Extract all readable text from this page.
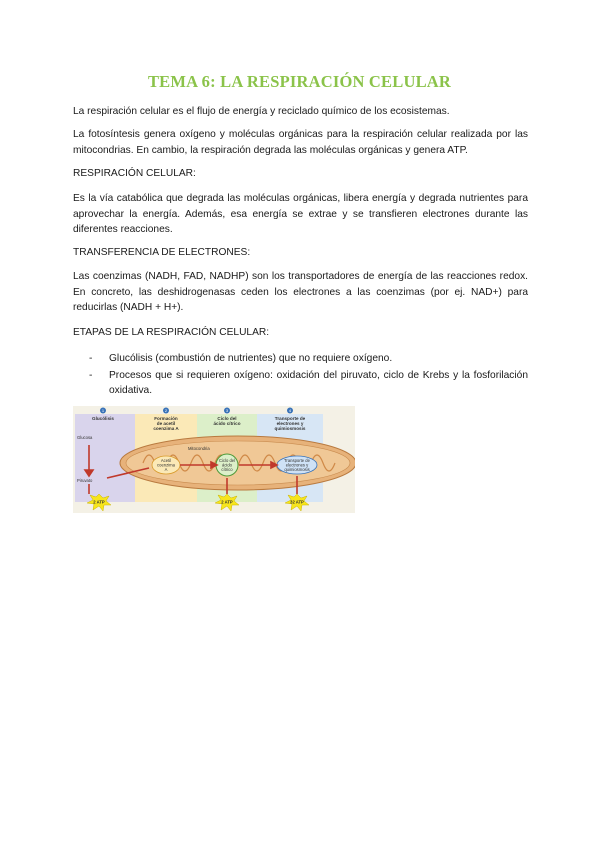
TEMA 6: LA RESPIRACIÓN CELULAR
La respiración celular es el flujo de energía y reciclado químico de los ecosistemas.
La fotosíntesis genera oxígeno y moléculas orgánicas para la respiración celular realizada por las mitocondrias. En cambio, la respiración degrada las moléculas orgánicas y genera ATP.
RESPIRACIÓN CELULAR:
Es la vía catabólica que degrada las moléculas orgánicas, libera energía y degrada nutrientes para aprovechar la energía. Además, esa energía se extrae y se transfieren electrones durante las diferentes reacciones.
TRANSFERENCIA DE ELECTRONES:
Las coenzimas (NADH, FAD, NADHP) son los transportadores de energía de las reacciones redox. En concreto, las deshidrogenasas ceden los electrones a las coenzimas (por ej. NAD+) para reducirlas (NADH + H+).
ETAPAS DE LA RESPIRACIÓN CELULAR:
- Glucólisis (combustión de nutrientes) que no requiere oxígeno.
- Procesos que si requieren oxígeno: oxidación del piruvato, ciclo de Krebs y la fosforilación oxidativa.
1	2	3	4
Glucólisis	Formación
de acetil
coenzima A
Ciclo del
ácido cítrico
Transporte de
electrones y
quimiosmosis
Mitocondria
Acetil
coenzima
A
Ciclo del
ácido
cítrico
Transporte de
electrones y
quimiosmosis
Glucosa
Piruvato
2 ATP	2 ATP	32 ATP
